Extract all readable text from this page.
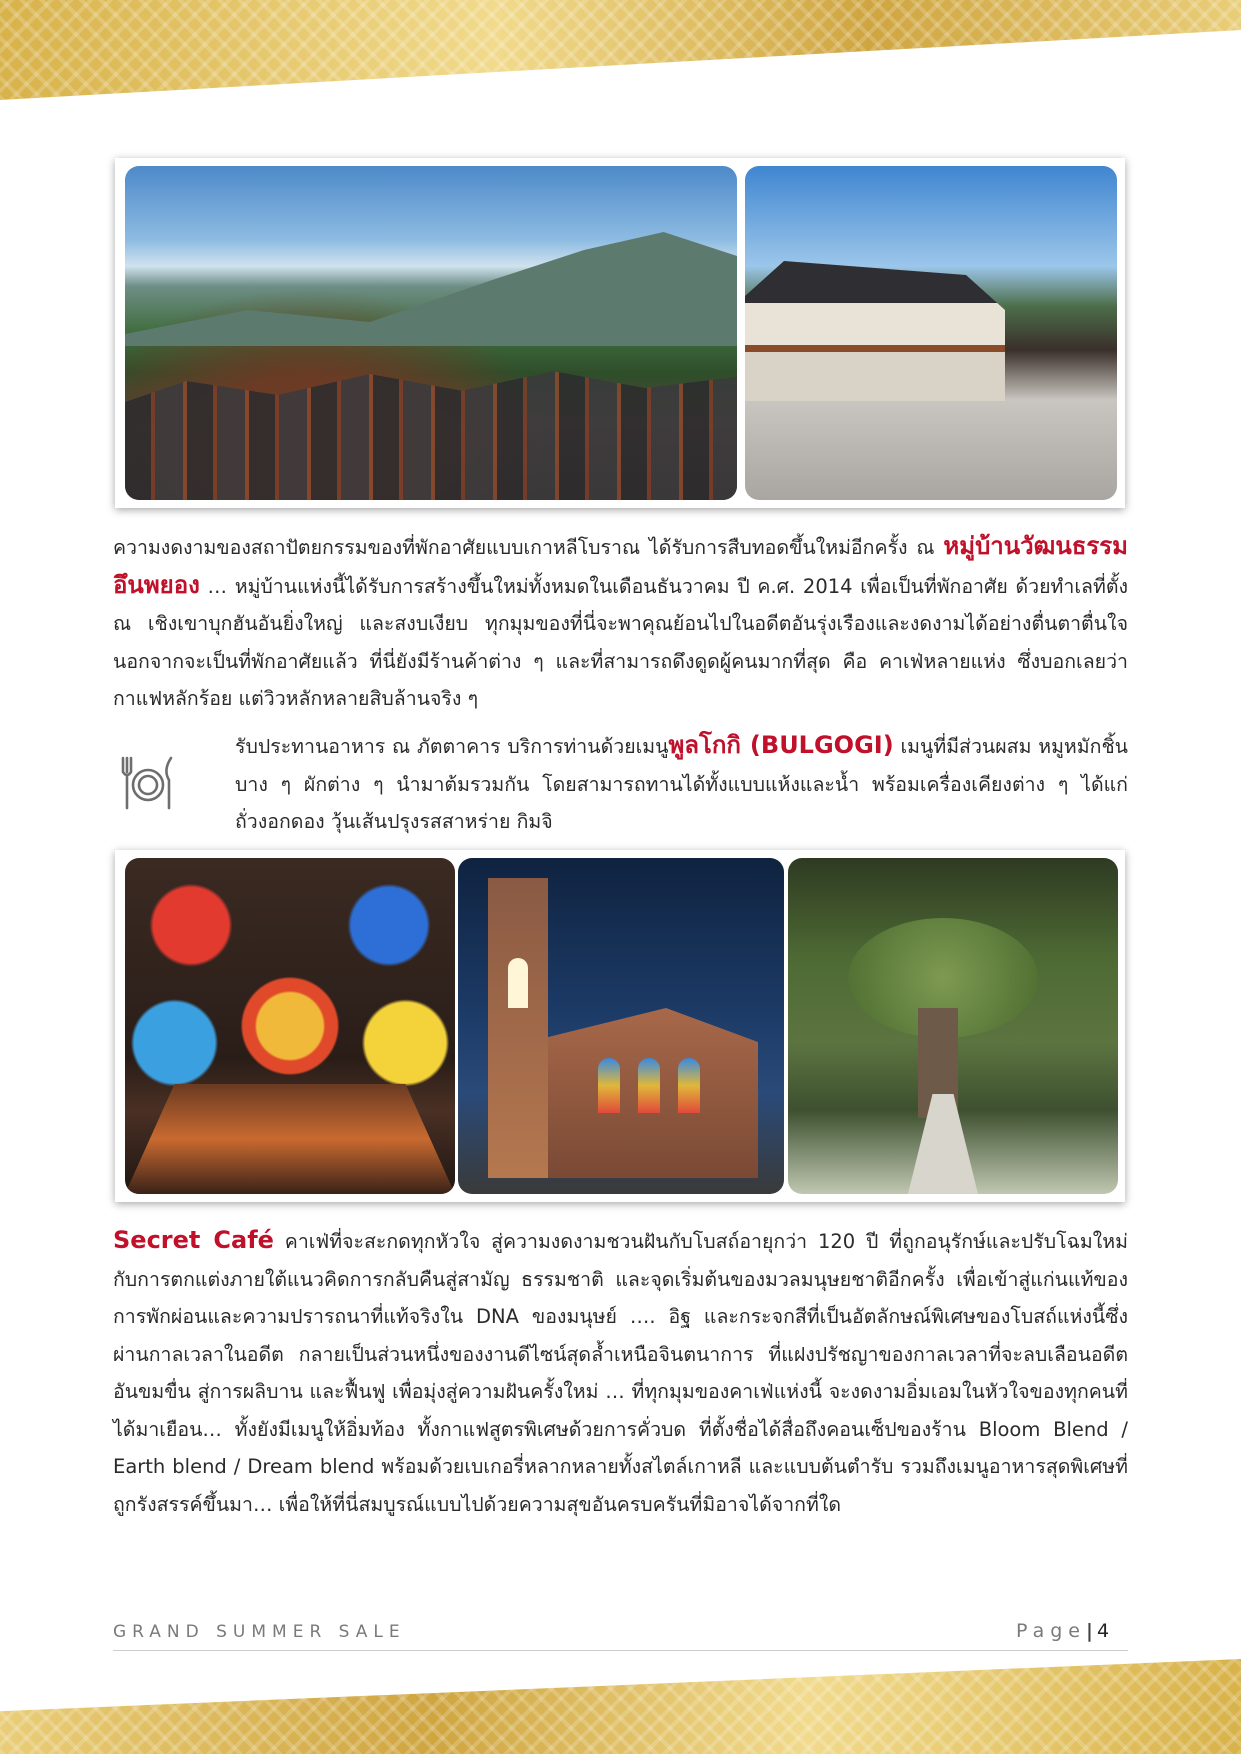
ความงดงามของสถาปัตยกรรมของที่พักอาศัยแบบเกาหลีโบราณ ได้รับการสืบทอดขึ้นใหม่อีกครั้ง ณ หมู่บ้านวัฒนธรรมอึนพยอง … หมู่บ้านแห่งนี้ได้รับการสร้างขึ้นใหม่ทั้งหมดในเดือนธันวาคม ปี ค.ศ. 2014 เพื่อเป็นที่พักอาศัย ด้วยทำเลที่ตั้ง ณ เชิงเขาบุกฮันอันยิ่งใหญ่ และสงบเงียบ ทุกมุมของที่นี่จะพาคุณย้อนไปในอดีตอันรุ่งเรืองและงดงามได้อย่างตื่นตาตื่นใจ นอกจากจะเป็นที่พักอาศัยแล้ว ที่นี่ยังมีร้านค้าต่าง ๆ และที่สามารถดึงดูดผู้คนมากที่สุด คือ คาเฟ่หลายแห่ง ซึ่งบอกเลยว่ากาแฟหลักร้อย แต่วิวหลักหลายสิบล้านจริง ๆ
รับประทานอาหาร ณ ภัตตาคาร บริการท่านด้วยเมนูพูลโกกิ (BULGOGI) เมนูที่มีส่วนผสม หมูหมักชิ้นบาง ๆ ผักต่าง ๆ นำมาต้มรวมกัน โดยสามารถทานได้ทั้งแบบแห้งและน้ำ พร้อมเครื่องเคียงต่าง ๆ ได้แก่ ถั่วงอกดอง วุ้นเส้นปรุงรสสาหร่าย กิมจิ
Secret Café คาเฟ่ที่จะสะกดทุกหัวใจ สู่ความงดงามชวนฝันกับโบสถ์อายุกว่า 120 ปี ที่ถูกอนุรักษ์และปรับโฉมใหม่ กับการตกแต่งภายใต้แนวคิดการกลับคืนสู่สามัญ ธรรมชาติ และจุดเริ่มต้นของมวลมนุษยชาติอีกครั้ง เพื่อเข้าสู่แก่นแท้ของการพักผ่อนและความปรารถนาที่แท้จริงใน DNA ของมนุษย์ …. อิฐ และกระจกสีที่เป็นอัตลักษณ์พิเศษของโบสถ์แห่งนี้ซึ่งผ่านกาลเวลาในอดีต กลายเป็นส่วนหนึ่งของงานดีไซน์สุดล้ำเหนือจินตนาการ ที่แฝงปรัชญาของกาลเวลาที่จะลบเลือนอดีตอันขมขื่น สู่การผลิบาน และฟื้นฟู เพื่อมุ่งสู่ความฝันครั้งใหม่ … ที่ทุกมุมของคาเฟ่แห่งนี้ จะงดงามอิ่มเอมในหัวใจของทุกคนที่ได้มาเยือน… ทั้งยังมีเมนูให้อิ่มท้อง ทั้งกาแฟสูตรพิเศษด้วยการคั่วบด ที่ตั้งชื่อได้สื่อถึงคอนเซ็ปของร้าน Bloom Blend / Earth blend / Dream blend พร้อมด้วยเบเกอรี่หลากหลายทั้งสไตล์เกาหลี และแบบต้นตำรับ รวมถึงเมนูอาหารสุดพิเศษที่ถูกรังสรรค์ขึ้นมา… เพื่อให้ที่นี่สมบูรณ์แบบไปด้วยความสุขอันครบครันที่มิอาจได้จากที่ใด
GRAND SUMMER SALE	Page| 4
